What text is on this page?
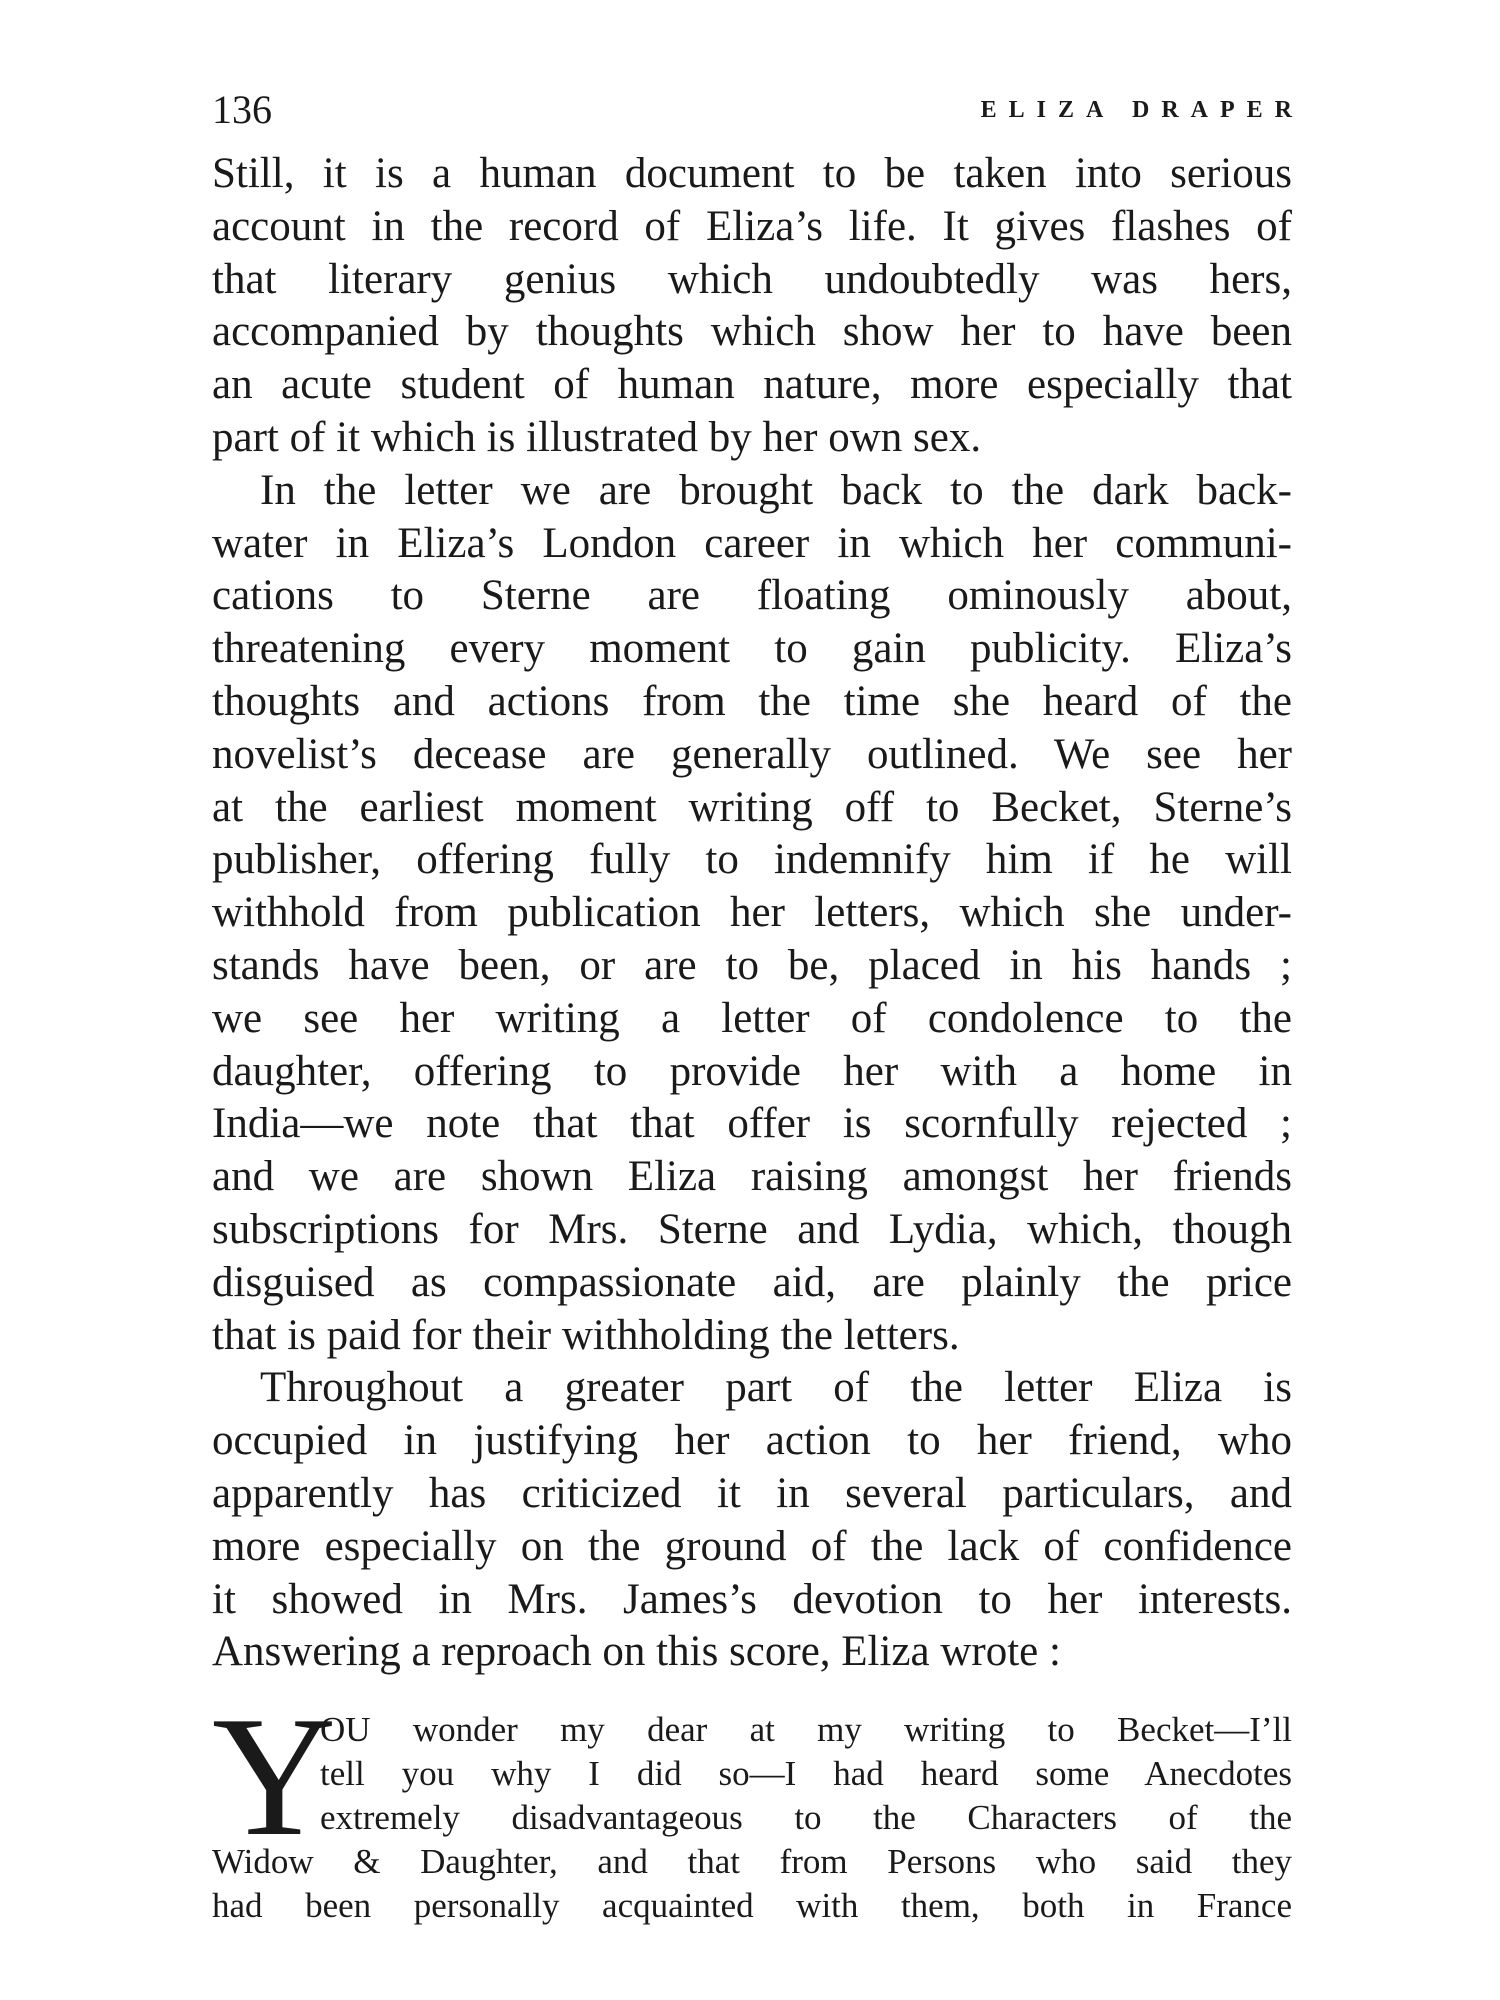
136	ELIZA DRAPER
Still, it is a human document to be taken into serious
account in the record of Eliza’s life. It gives flashes of
that literary genius which undoubtedly was hers,
accompanied by thoughts which show her to have been
an acute student of human nature, more especially that
part of it which is illustrated by her own sex.
In the letter we are brought back to the dark back-
water in Eliza’s London career in which her communi-
cations to Sterne are floating ominously about,
threatening every moment to gain publicity. Eliza’s
thoughts and actions from the time she heard of the
novelist’s decease are generally outlined. We see her
at the earliest moment writing off to Becket, Sterne’s
publisher, offering fully to indemnify him if he will
withhold from publication her letters, which she under-
stands have been, or are to be, placed in his hands ;
we see her writing a letter of condolence to the
daughter, offering to provide her with a home in
India—we note that that offer is scornfully rejected ;
and we are shown Eliza raising amongst her friends
subscriptions for Mrs. Sterne and Lydia, which, though
disguised as compassionate aid, are plainly the price
that is paid for their withholding the letters.
Throughout a greater part of the letter Eliza is
occupied in justifying her action to her friend, who
apparently has criticized it in several particulars, and
more especially on the ground of the lack of confidence
it showed in Mrs. James’s devotion to her interests.
Answering a reproach on this score, Eliza wrote :
Y
OU wonder my dear at my writing to Becket—I’ll
tell you why I did so—I had heard some Anecdotes
extremely disadvantageous to the Characters of the
Widow & Daughter, and that from Persons who said they
had been personally acquainted with them, both in France
